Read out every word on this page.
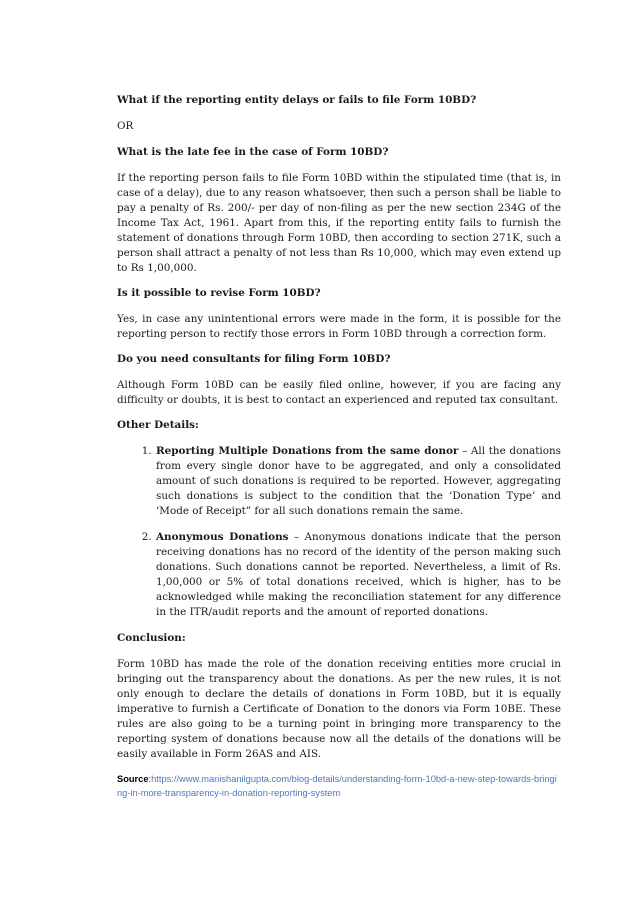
What if the reporting entity delays or fails to file Form 10BD?

OR

What is the late fee in the case of Form 10BD?

If the reporting person fails to file Form 10BD within the stipulated time (that is, in case of a delay), due to any reason whatsoever, then such a person shall be liable to pay a penalty of Rs. 200/- per day of non-filing as per the new section 234G of the Income Tax Act, 1961. Apart from this, if the reporting entity fails to furnish the statement of donations through Form 10BD, then according to section 271K, such a person shall attract a penalty of not less than Rs 10,000, which may even extend up to Rs 1,00,000.

Is it possible to revise Form 10BD?

Yes, in case any unintentional errors were made in the form, it is possible for the reporting person to rectify those errors in Form 10BD through a correction form.

Do you need consultants for filing Form 10BD?

Although Form 10BD can be easily filed online, however, if you are facing any difficulty or doubts, it is best to contact an experienced and reputed tax consultant.

Other Details:

1. Reporting Multiple Donations from the same donor – All the donations from every single donor have to be aggregated, and only a consolidated amount of such donations is required to be reported. However, aggregating such donations is subject to the condition that the ‘Donation Type’ and ‘Mode of Receipt” for all such donations remain the same.
2. Anonymous Donations – Anonymous donations indicate that the person receiving donations has no record of the identity of the person making such donations. Such donations cannot be reported. Nevertheless, a limit of Rs. 1,00,000 or 5% of total donations received, which is higher, has to be acknowledged while making the reconciliation statement for any difference in the ITR/audit reports and the amount of reported donations.

Conclusion:

Form 10BD has made the role of the donation receiving entities more crucial in bringing out the transparency about the donations. As per the new rules, it is not only enough to declare the details of donations in Form 10BD, but it is equally imperative to furnish a Certificate of Donation to the donors via Form 10BE. These rules are also going to be a turning point in bringing more transparency to the reporting system of donations because now all the details of the donations will be easily available in Form 26AS and AIS.

Source:https://www.manishanilgupta.com/blog-details/understanding-form-10bd-a-new-step-towards-bringing-in-more-transparency-in-donation-reporting-system
